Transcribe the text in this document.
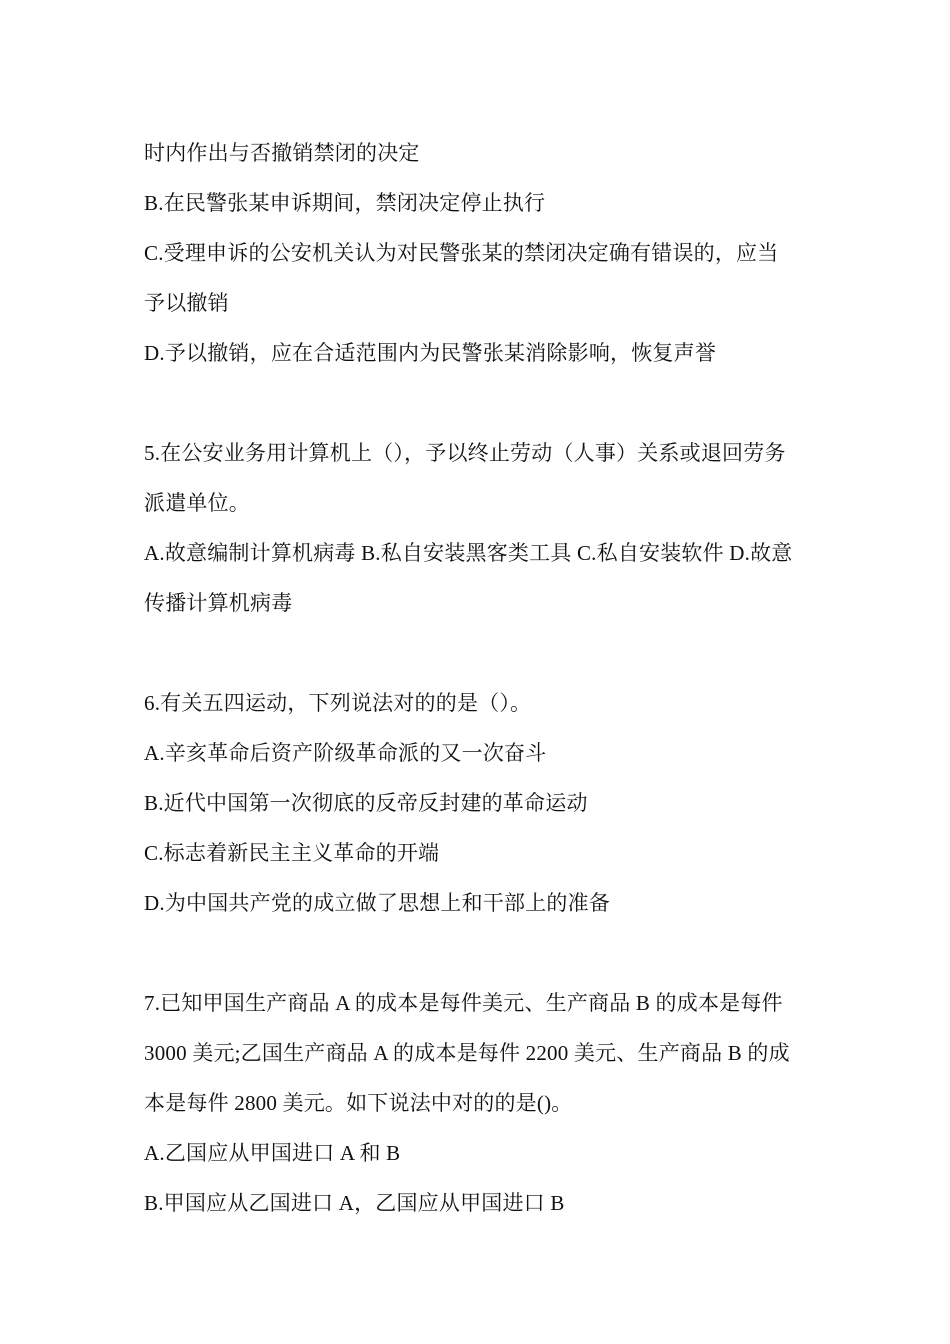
时内作出与否撤销禁闭的决定
B.在民警张某申诉期间，禁闭决定停止执行
C.受理申诉的公安机关认为对民警张某的禁闭决定确有错误的，应当
予以撤销
D.予以撤销，应在合适范围内为民警张某消除影响，恢复声誉
5.在公安业务用计算机上（），予以终止劳动（人事）关系或退回劳务
派遣单位。
A.故意编制计算机病毒 B.私自安装黑客类工具 C.私自安装软件 D.故意
传播计算机病毒
6.有关五四运动，下列说法对的的是（）。
A.辛亥革命后资产阶级革命派的又一次奋斗
B.近代中国第一次彻底的反帝反封建的革命运动
C.标志着新民主主义革命的开端
D.为中国共产党的成立做了思想上和干部上的准备
7.已知甲国生产商品 A 的成本是每件美元、生产商品 B 的成本是每件
3000 美元;乙国生产商品 A 的成本是每件 2200 美元、生产商品 B 的成
本是每件 2800 美元。如下说法中对的的是()。
A.乙国应从甲国进口 A 和 B
B.甲国应从乙国进口 A，乙国应从甲国进口 B
